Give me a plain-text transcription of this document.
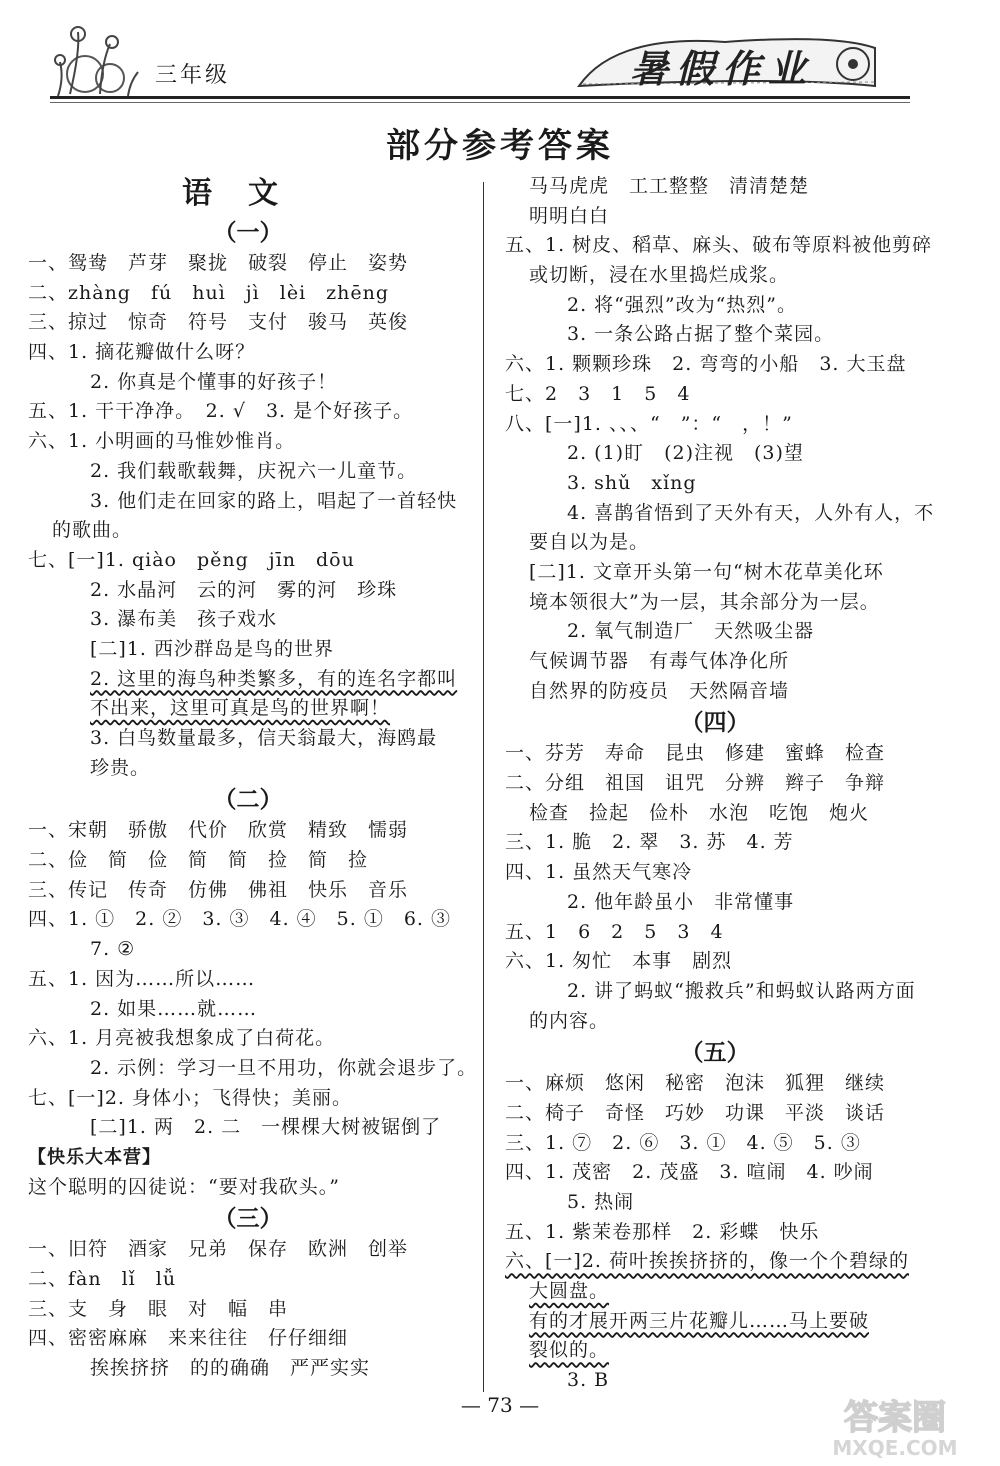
三年级	暑假作业
部分参考答案
语文
（一）
一、鸳鸯　芦芽　聚拢　破裂　停止　姿势
二、zhàng　fú　huì　jì　lèi　zhēng
三、掠过　惊奇　符号　支付　骏马　英俊
四、1. 摘花瓣做什么呀？
2. 你真是个懂事的好孩子！
五、1. 干干净净。　2. √　3. 是个好孩子。
六、1. 小明画的马惟妙惟肖。
2. 我们载歌载舞，庆祝六一儿童节。
3. 他们走在回家的路上，唱起了一首轻快
的歌曲。
七、[一]1. qiào　pěng　jīn　dōu
2. 水晶河　云的河　雾的河　珍珠
3. 瀑布美　孩子戏水
[二]1. 西沙群岛是鸟的世界
2. 这里的海鸟种类繁多，有的连名字都叫
不出来，这里可真是鸟的世界啊！
3. 白鸟数量最多，信天翁最大，海鸥最
珍贵。
（二）
一、宋朝　骄傲　代价　欣赏　精致　懦弱
二、俭　简　俭　简　简　捡　简　捡
三、传记　传奇　仿佛　佛祖　快乐　音乐
四、1. ①　2. ②　3. ③　4. ④　5. ①　6. ③
7. ②
五、1. 因为……所以……
2. 如果……就……
六、1. 月亮被我想象成了白荷花。
2. 示例：学习一旦不用功，你就会退步了。
七、[一]2. 身体小；飞得快；美丽。
[二]1. 两　2. 二　一棵棵大树被锯倒了
【快乐大本营】
这个聪明的囚徒说：“要对我砍头。”
（三）
一、旧符　酒家　兄弟　保存　欧洲　创举
二、fàn　lǐ　lǚ
三、支　身　眼　对　幅　串
四、密密麻麻　来来往往　仔仔细细
挨挨挤挤　的的确确　严严实实
马马虎虎　工工整整　清清楚楚
明明白白
五、1. 树皮、稻草、麻头、破布等原料被他剪碎
或切断，浸在水里捣烂成浆。
2. 将“强烈”改为“热烈”。
3. 一条公路占据了整个菜园。
六、1. 颗颗珍珠　2. 弯弯的小船　3. 大玉盘
七、2　3　1　5　4
八、[一]1. 、、、“　”：“　，！”
2. (1)盯　(2)注视　(3)望
3. shǔ　xǐng
4. 喜鹊省悟到了天外有天，人外有人，不
要自以为是。
[二]1. 文章开头第一句“树木花草美化环
境本领很大”为一层，其余部分为一层。
2. 氧气制造厂　天然吸尘器
气候调节器　有毒气体净化所
自然界的防疫员　天然隔音墙
（四）
一、芬芳　寿命　昆虫　修建　蜜蜂　检查
二、分组　祖国　诅咒　分辨　辫子　争辩
检查　捡起　俭朴　水泡　吃饱　炮火
三、1. 脆　2. 翠　3. 苏　4. 芳
四、1. 虽然天气寒冷
2. 他年龄虽小　非常懂事
五、1　6　2　5　3　4
六、1. 匆忙　本事　剧烈
2. 讲了蚂蚁“搬救兵”和蚂蚁认路两方面
的内容。
（五）
一、麻烦　悠闲　秘密　泡沫　狐狸　继续
二、椅子　奇怪　巧妙　功课　平淡　谈话
三、1. ⑦　2. ⑥　3. ①　4. ⑤　5. ③
四、1. 茂密　2. 茂盛　3. 喧闹　4. 吵闹
5. 热闹
五、1. 紫茉卷那样　2. 彩蝶　快乐
六、[一]2. 荷叶挨挨挤挤的，像一个个碧绿的
大圆盘。
有的才展开两三片花瓣儿……马上要破
裂似的。
3. B
— 73 —	答案圈
MXQE.COM
